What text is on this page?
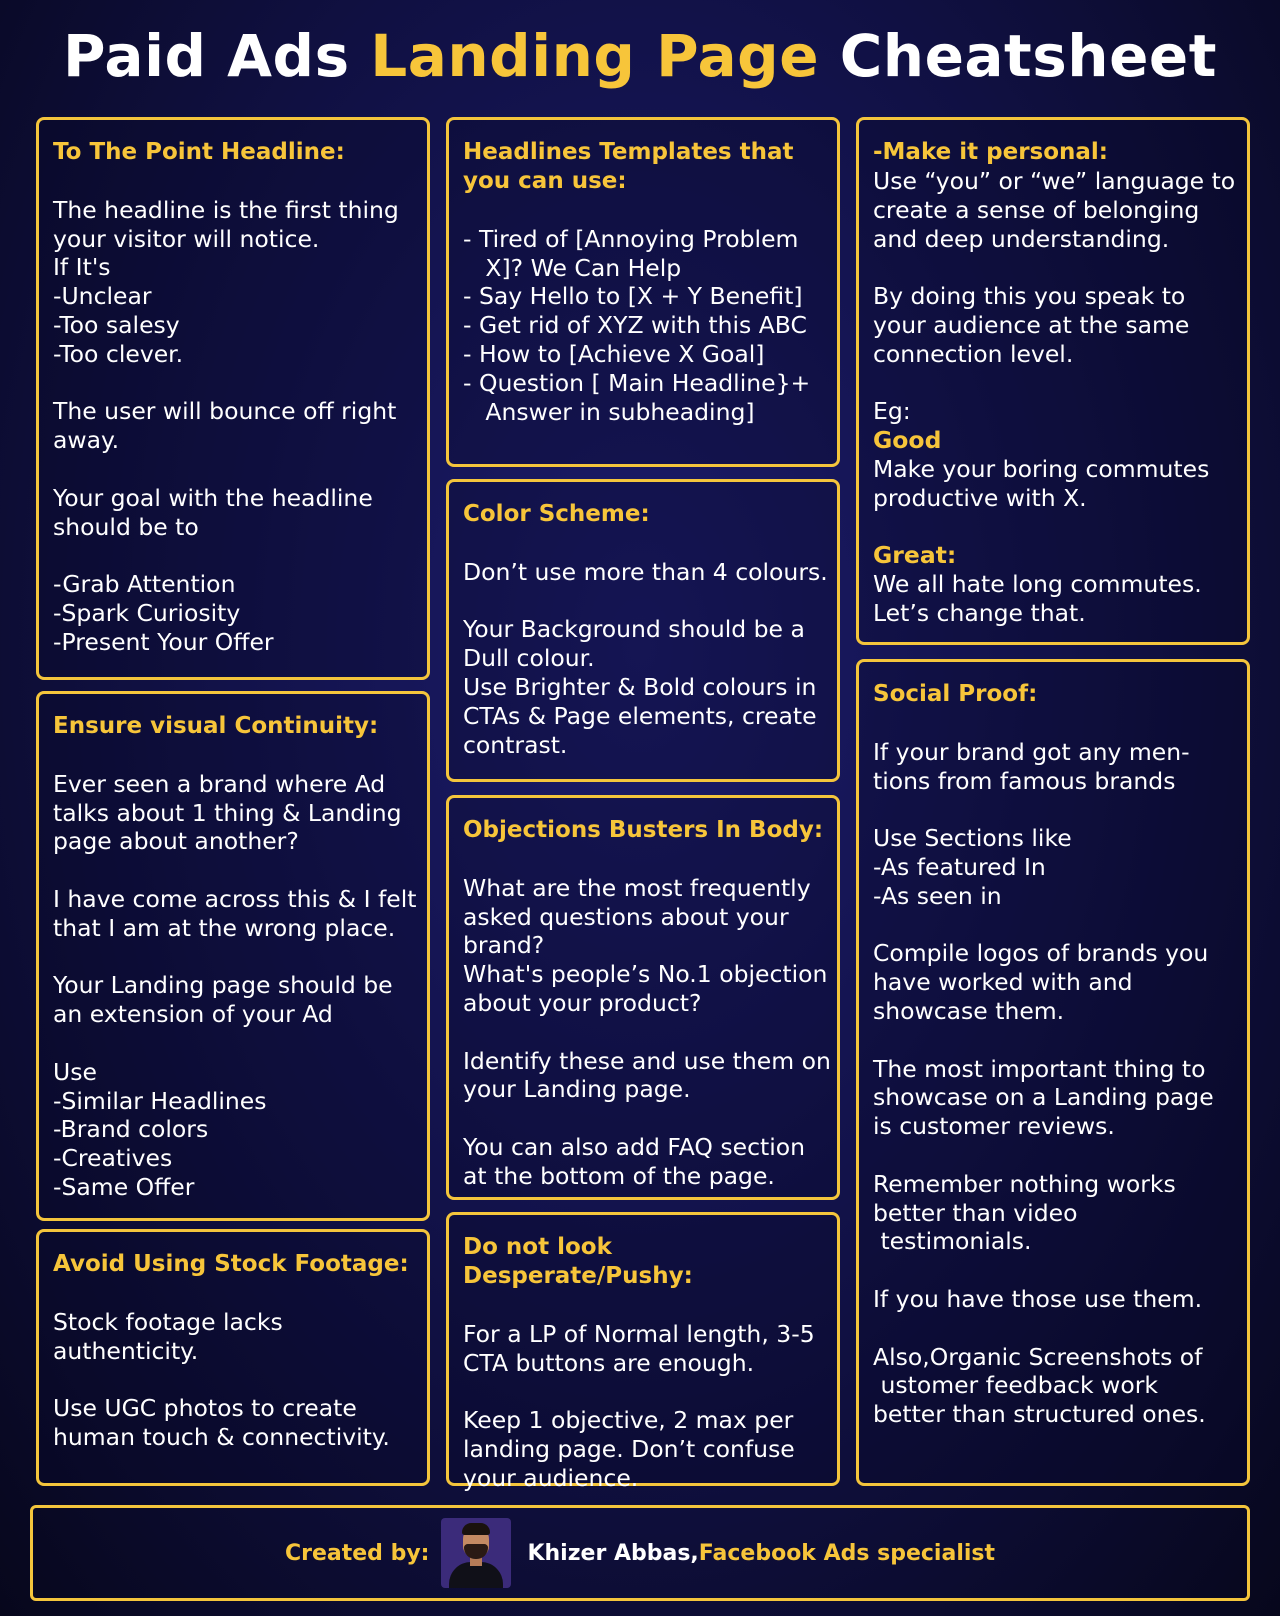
Paid Ads Landing Page Cheatsheet
To The Point Headline:
The headline is the first thing
your visitor will notice.
If It's
-Unclear
-Too salesy
-Too clever.
The user will bounce off right
away.
Your goal with the headline
should be to
-Grab Attention
-Spark Curiosity
-Present Your Offer
Ensure visual Continuity:
Ever seen a brand where Ad
talks about 1 thing & Landing
page about another?
I have come across this & I felt
that I am at the wrong place.
Your Landing page should be
an extension of your Ad
Use
-Similar Headlines
-Brand colors
-Creatives
-Same Offer
Avoid Using Stock Footage:
Stock footage lacks
authenticity.
Use UGC photos to create
human touch & connectivity.
Headlines Templates that
you can use:
- Tired of [Annoying Problem
X]? We Can Help
- Say Hello to [X + Y Benefit]
- Get rid of XYZ with this ABC
- How to [Achieve X Goal]
- Question [ Main Headline}+
Answer in subheading]
Color Scheme:
Don’t use more than 4 colours.
Your Background should be a
Dull colour.
Use Brighter & Bold colours in
CTAs & Page elements, create
contrast.
Objections Busters In Body:
What are the most frequently
asked questions about your
brand?
What's people’s No.1 objection
about your product?
Identify these and use them on
your Landing page.
You can also add FAQ section
at the bottom of the page.
Do not look Desperate/Pushy:
For a LP of Normal length, 3-5
CTA buttons are enough.
Keep 1 objective, 2 max per
landing page. Don’t confuse
your audience.
-Make it personal:
Use “you” or “we” language to
create a sense of belonging
and deep understanding.
By doing this you speak to
your audience at the same
connection level.
Eg:
Good
Make your boring commutes
productive with X.
Great:
We all hate long commutes.
Let’s change that.
Social Proof:
If your brand got any men-
tions from famous brands
Use Sections like
-As featured In
-As seen in
Compile logos of brands you
have worked with and
showcase them.
The most important thing to
showcase on a Landing page
is customer reviews.
Remember nothing works
better than video
testimonials.
If you have those use them.
Also,Organic Screenshots of
ustomer feedback work
better than structured ones.
Created by:	Khizer Abbas, Facebook Ads specialist
